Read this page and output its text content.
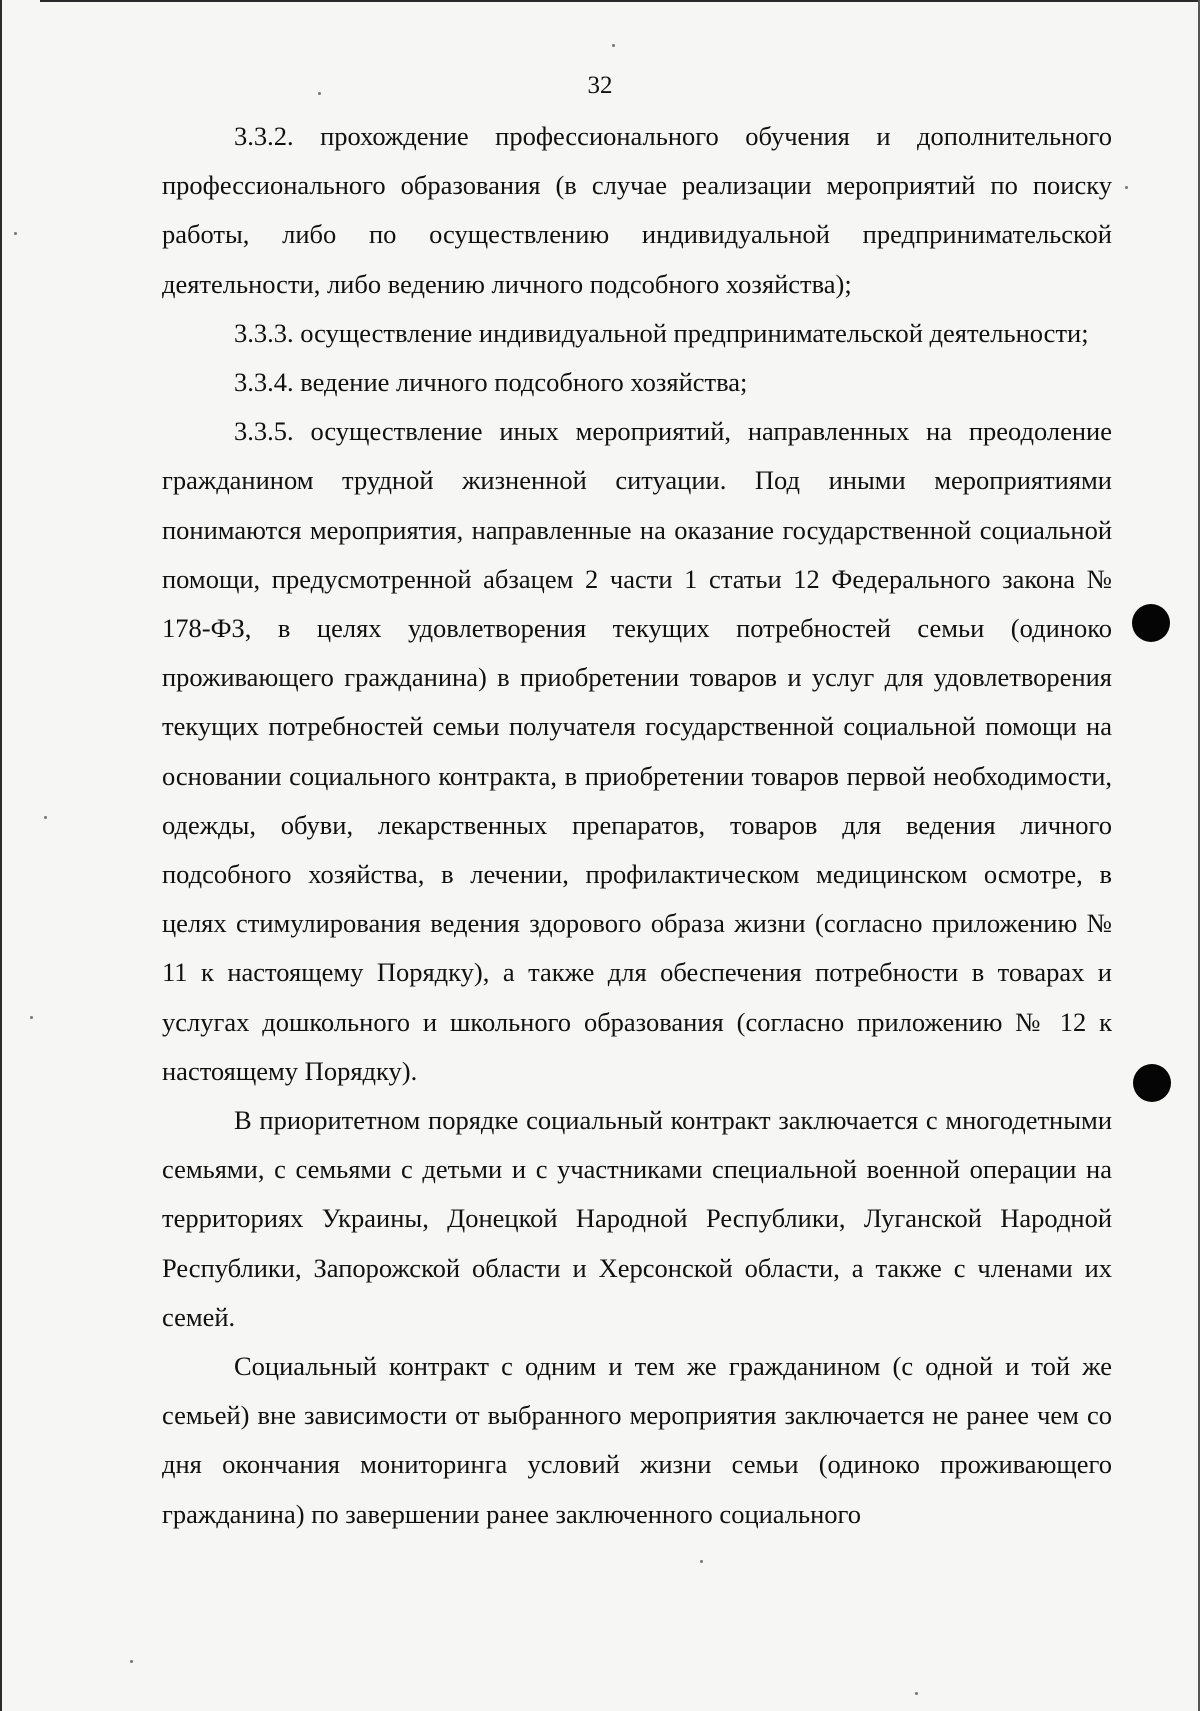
32

3.3.2. прохождение профессионального обучения и дополнительного профессионального образования (в случае реализации мероприятий по поиску работы, либо по осуществлению индивидуальной предпринимательской деятельности, либо ведению личного подсобного хозяйства);

3.3.3. осуществление индивидуальной предпринимательской деятельности;

3.3.4. ведение личного подсобного хозяйства;

3.3.5. осуществление иных мероприятий, направленных на преодоление гражданином трудной жизненной ситуации. Под иными мероприятиями понимаются мероприятия, направленные на оказание государственной социальной помощи, предусмотренной абзацем 2 части 1 статьи 12 Федерального закона № 178-ФЗ, в целях удовлетворения текущих потребностей семьи (одиноко проживающего гражданина) в приобретении товаров и услуг для удовлетворения текущих потребностей семьи получателя государственной социальной помощи на основании социального контракта, в приобретении товаров первой необходимости, одежды, обуви, лекарственных препаратов, товаров для ведения личного подсобного хозяйства, в лечении, профилактическом медицинском осмотре, в целях стимулирования ведения здорового образа жизни (согласно приложению № 11 к настоящему Порядку), а также для обеспечения потребности в товарах и услугах дошкольного и школьного образования (согласно приложению № 12 к настоящему Порядку).

В приоритетном порядке социальный контракт заключается с многодетными семьями, с семьями с детьми и с участниками специальной военной операции на территориях Украины, Донецкой Народной Республики, Луганской Народной Республики, Запорожской области и Херсонской области, а также с членами их семей.

Социальный контракт с одним и тем же гражданином (с одной и той же семьей) вне зависимости от выбранного мероприятия заключается не ранее чем со дня окончания мониторинга условий жизни семьи (одиноко проживающего гражданина) по завершении ранее заключенного социального
